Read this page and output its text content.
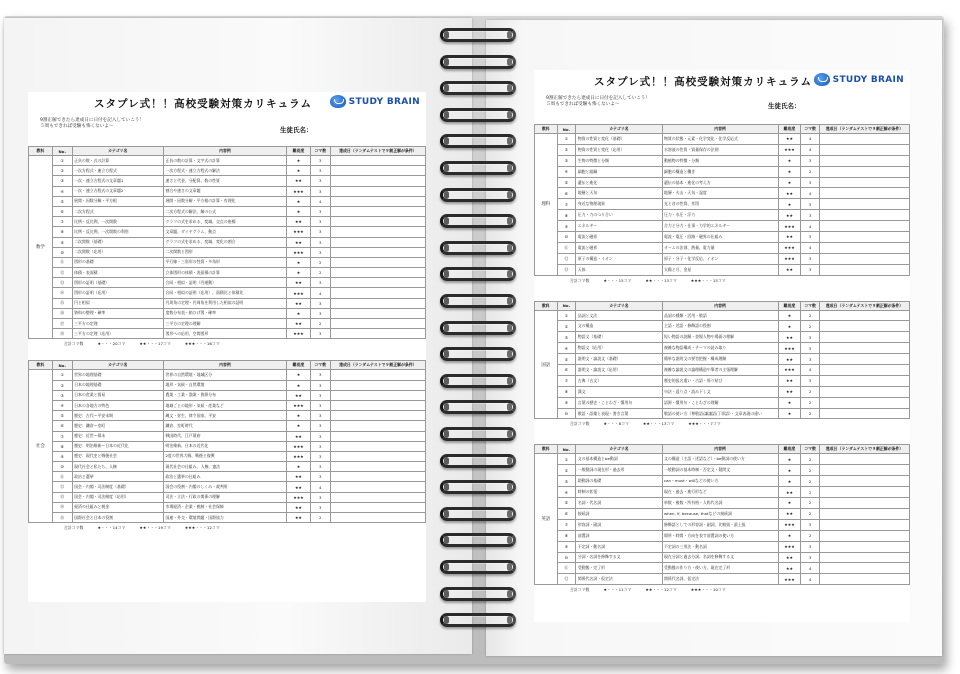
スタプレ式！！高校受験対策カリキュラム	STUDY BRAIN
9割正解できたら達成日に日付を記入していこう！
５周もできれば受験も怖くないよ〜	生徒氏名：
教科	No.	カテゴリ名	内容例	難易度	コマ数	達成日（ランダムテストで９割正解が条件）
数学	①	正負の数・式の計算	正負の数の計算・文字式の計算	★	3	
	②	一次方程式・連立方程式	一次方程式・連立方程式の解法	★	3	
	③	一次・連立方程式の文章題1	速さと代金、分配算、数の性質	★★	3	
	④	一次・連立方程式の文章題2	割合や速さの文章題	★★★	3	
	⑤	展開・因数分解・平方根	展開・因数分解・平方根の計算・有理化	★	4	
	⑥	二次方程式	二次方程式の解法、解の公式	★	3	
	⑦	比例・反比例、一次関数	グラフの式を求める、変域、交点の座標	★★	3	
	⑧	比例・反比例、一次関数の利用	文章題、ダイヤグラム、動点	★★★	3	
	⑨	二次関数（基礎）	グラフの式を求める、変域、変化の割合	★★	3	
	⑩	二次関数（応用）	二次関数と図形	★★★	3	
	⑪	図形の基礎	平行線・三角形の性質・多角形	★	2	
	⑫	体積・表面積	立体図形の体積・表面積の計算	★	2	
	⑬	図形の証明（基礎）	合同・相似・証明（円運動）	★★	3	
	⑭	図形の証明（応用）	合同・相似の証明（応用）、面積比と体積比	★★★	4	
	⑮	円と相似	円周角の定理・円周角を利用した相似の証明	★★	3	
	⑯	資料の整理・確率	度数分布表・箱ひげ図・確率	★	3	
	⑰	三平方の定理	三平方の定理の理解	★★	2	
	⑱	三平方の定理（応用）	図形への応用、空間図形	★★★	3	
合計コマ数	★・・・20コマ	★★・・・17コマ	★★★・・・16コマ
教科	No.	カテゴリ名	内容例	難易度	コマ数	達成日（ランダムテストで９割正解が条件）
社会	①	世界の地理基礎	世界の自然環境・地域区分	★	3	
	②	日本の地理基礎	地形・気候・自然環境	★	3	
	③	日本の産業と貿易	農業・工業・漁業・資源分布	★★	3	
	④	日本の各地方の特色	地域ごとの地形・気候・産業など	★★★	3	
	⑤	歴史：古代〜平安末期	縄文・弥生、律令国家、平安	★	3	
	⑥	歴史：鎌倉〜室町	鎌倉、室町時代	★	3	
	⑦	歴史：近世〜幕末	戦国時代、江戸幕府	★★	3	
	⑧	歴史：明治維新〜日本の近代化	明治維新、日本の近代化	★★★	3	
	⑨	歴史：現代史と戦後社会	2度の世界大戦、戦後と復興	★★★	3	
	⑩	現代社会と私たち、人権	現代社会の仕組み、人権、憲法	★	3	
	⑪	政治と選挙	政治と選挙の仕組み	★★	3	
	⑫	国会・内閣・司法制度（基礎）	国会の役割・内閣のしくみ・裁判所	★★	4	
	⑬	国会・内閣・司法制度（応用）	司法・立法・行政の関係の理解	★★★	3	
	⑭	経済の仕組みと税金	市場経済・企業・税制・社会保障	★★	3	
	⑮	国際社会と日本の役割	国連・外交・環境問題・国際協力	★★	2	
合計コマ数	★・・・14コマ	★★・・・19コマ	★★★・・・12コマ
スタプレ式！！高校受験対策カリキュラム STUDY BRAIN
9割正解できたら達成日に日付を記入していこう！
５周もできれば受験も怖くないよ〜	生徒氏名：
教科	No.	カテゴリ名	内容例	難易度	コマ数	達成日（ランダムテストで９割正解が条件）
理科	①	物質の性質と変化（基礎）	物質の状態・元素・化学変化・化学反応式	★★	4	
	②	物質の性質と変化（応用）	水溶液の性質・質量保存の法則	★★★	4	
	③	生物の特徴と分類	動植物の特徴・分類	★	3	
	④	細胞と組織	細胞の構造と働き	★	2	
	⑤	遺伝と進化	遺伝の基本・進化の考え方	★	3	
	⑥	地層と天気	地層・火山・天気・湿度	★★	4	
	⑦	身近な物理現象	光と音の性質、作図	★	3	
	⑧	圧力・力のつり合い	圧力・水圧・浮力	★★	3	
	⑨	エネルギー	合力と分力・仕事・力学的エネルギー	★★★	4	
	⑩	電流と磁界	電流・電圧・回路・磁界の仕組み	★★	3	
	⑪	電流と磁界	オームの法則、熱量、電力量	★★★	4	
	⑫	原子の構造・イオン	原子・分子・化学反応、イオン	★★★	3	
	⑬	天体	太陽と月、金星	★★	3	
合計コマ数	★・・・15コマ	★★・・・13コマ	★★★・・・15コマ
教科	No.	カテゴリ名	内容例	難易度	コマ数	達成日（ランダムテストで９割正解が条件）
国語	①	品詞と文法	品詞の種類・活用・敬語	★	2	
	②	文の構造	主語・述語・修飾語の役割	★	2	
	③	物語文（基礎）	短い物語の読解・登場人物や場面の理解	★★	3	
	④	物語文（応用）	複雑な物語構成・テーマの読み取り	★★★	3	
	⑤	説明文・論説文（基礎）	簡単な説明文の要旨把握・構成理解	★★	3	
	⑥	説明文・論説文（応用）	複雑な論説文の論理構造や筆者の主張理解	★★★	4	
	⑦	古典（古文）	歴史的仮名遣い・古語・係り結び	★★	3	
	⑧	漢文	句法・返り点・読み下し文	★★	2	
	⑨	言葉の歴史・ことわざ・慣用句	語源・慣用句・ことわざの理解	★	2	
	⑩	敬語・語彙と表現・書き言葉	敬語の使い方（尊敬語/謙譲語/丁寧語）・文章表現の違い	★	2	
合計コマ数	★・・・8コマ	★★・・・13コマ	★★★・・・7コマ
教科	No.	カテゴリ名	内容例	難易度	コマ数	達成日（ランダムテストで９割正解が条件）
英語	①	文の基本構造とbe動詞	文の構造（主語・述語など）・be動詞の使い方	★	2	
	②	一般動詞の現在形・過去形	一般動詞の基本時制・否定文・疑問文	★	2	
	③	助動詞の基礎	can・must・willなどの使い方	★	2	
	④	時制の拡張	現在・過去・進行形など	★★	2	
	⑤	名詞・代名詞	単数・複数・所有格・人称代名詞	★	2	
	⑥	接続詞	when, if, because, thatなどの接続詞	★★	2	
	⑦	形容詞・副詞	修飾語としての形容詞・副詞、比較級・最上級	★★★	3	
	⑧	前置詞	場所・時間・方向を表す前置詞の使い方	★	2	
	⑨	不定詞・動名詞	不定詞の三用法・動名詞	★★★	3	
	⑩	分詞・名詞を修飾する文	現在分詞と過去分詞、名詞を修飾する文	★★	3	
	⑪	受動態・完了形	受動態の作り方・使い方、現在完了形	★★	4	
	⑫	関係代名詞・仮定法	関係代名詞、仮定法	★★★	4	
合計コマ数	★・・・11コマ	★★・・・12コマ	★★★・・・10コマ
